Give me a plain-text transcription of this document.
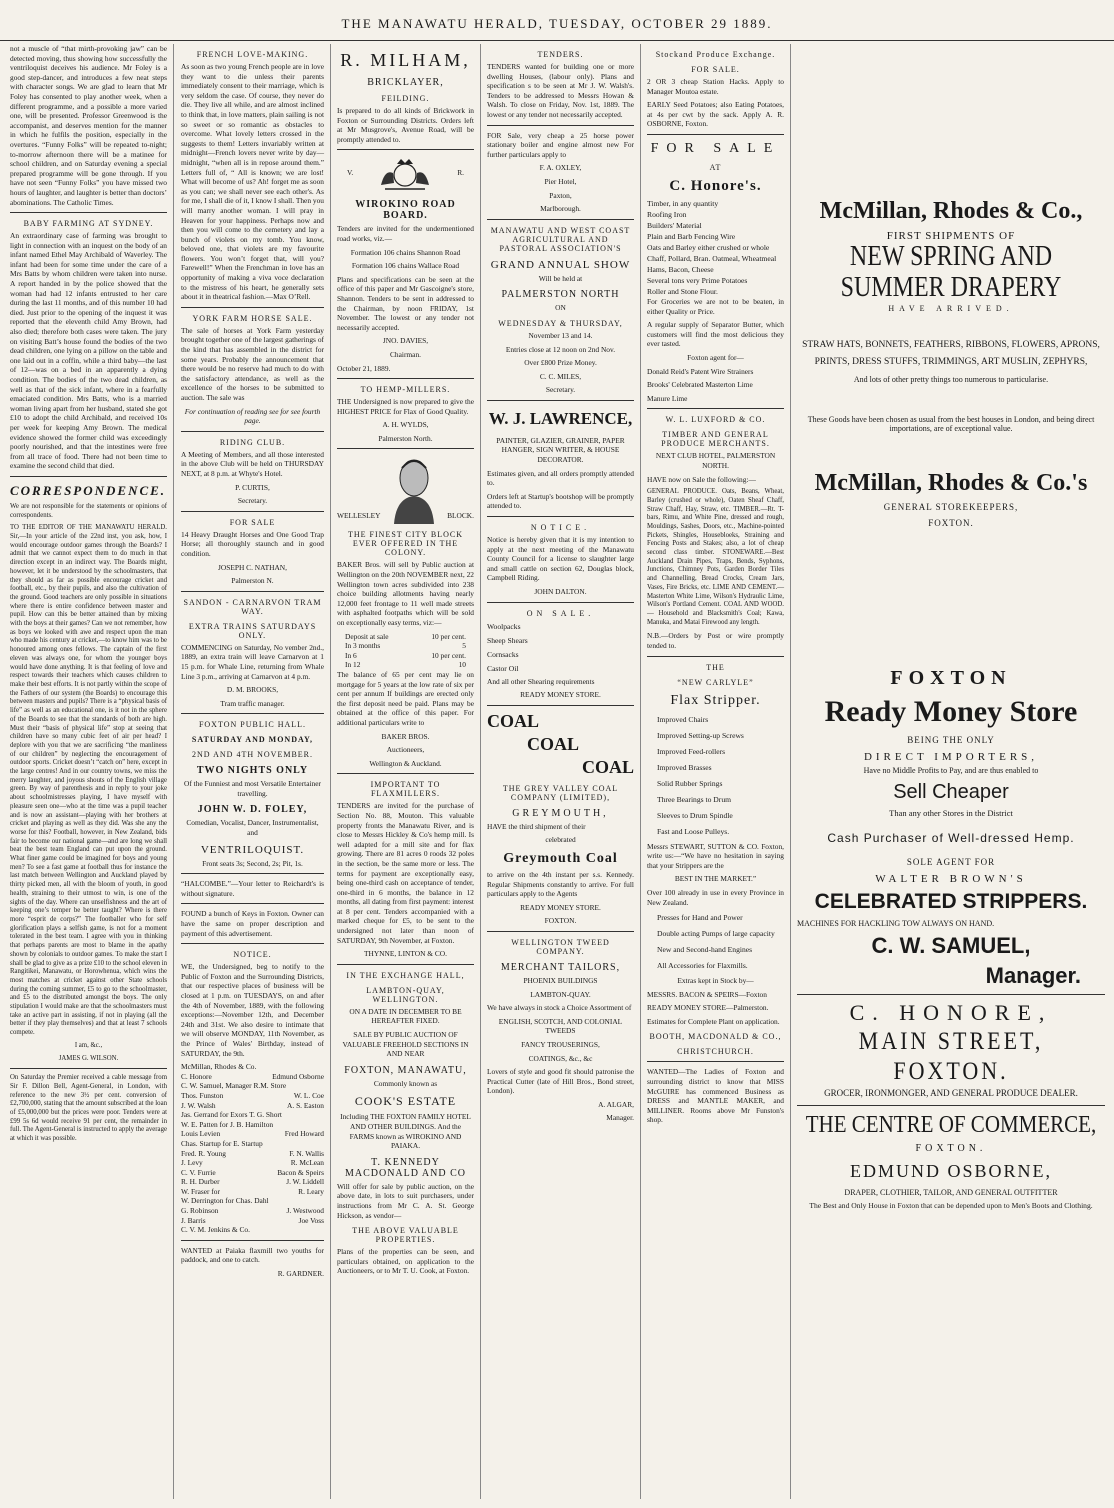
THE MANAWATU HERALD, TUESDAY, OCTOBER 29 1889.

not a muscle of “that mirth-provoking jaw” can be detected moving, thus showing how successfully the ventriloquist deceives his audience. Mr Foley is a good step-dancer, and introduces a few neat steps with character songs. We are glad to learn that Mr Foley has consented to play another week, when a different programme, and a possible a more varied one, will be presented. Professor Greenwood is the accompanist, and deserves mention for the manner in which he fulfils the position, especially in the overtures. “Funny Folks” will be repeated to-night; to-morrow afternoon there will be a matinee for school children, and on Saturday evening a special prepared programme will be gone through. If you have not seen “Funny Folks” you have missed two hours of laughter, and laughter is better than doctors’ abominations. The Catholic Times.

BABY FARMING AT SYDNEY.

An extraordinary case of farming was brought to light in connection with an inquest on the body of an infant named Ethel May Archibald of Waverley. The infant had been for some time under the care of a Mrs Batts by whom children were taken into nurse. A report handed in by the police showed that the woman had had 12 infants entrusted to her care during the last 11 months, and of this number 10 had died. Just prior to the opening of the inquest it was reported that the eleventh child Amy Brown, had also died; therefore both cases were taken. The jury on visiting Batt’s house found the bodies of the two dead children, one lying on a pillow on the table and one laid out in a coffin, while a third baby—the last of 12—was on a bed in an apparently a dying condition. The bodies of the two dead children, as well as that of the sick infant, where in a fearfully emaciated condition. Mrs Batts, who is a married woman living apart from her husband, stated she got £10 to adopt the child Archibald, and received 10s per week for keeping Amy Brown. The medical evidence showed the former child was exceedingly poorly nourished, and that the intestines were free from all trace of food. There had not been time to examine the second child that died.

CORRESPONDENCE.

We are not responsible for the statements or opinions of correspondents.

TO THE EDITOR OF THE MANAWATU HERALD. Sir,—In your article of the 22nd inst, you ask, how, I would encourage outdoor games through the Boards? I admit that we cannot expect them to do much in that direction except in an indirect way. The Boards might, however, let it be understood by the schoolmasters, that they should as far as possible encourage cricket and football, etc., by their pupils, and also the cultivation of the ground. Good teachers are only possible in situations where there is entire confidence between master and pupil. How can this be better attained than by mixing with the boys at their games? Can we not remember, how as boys we looked with awe and respect upon the man who made his century at cricket,—to know him was to be honoured among ones fellows. The captain of the first eleven was always one, for whom the younger boys would have done anything. It is that feeling of love and respect towards their teachers which causes children to make their best efforts. It is not partly within the scope of the Fathers of our system (the Boards) to encourage this between masters and pupils? There is a “physical basis of life” as well as an educational one, is it not in the sphere of the Boards to see that the standards of both are high. Must their “basis of physical life” stop at seeing that children have so many cubic feet of air per head? I deplore with you that we are sacrificing “the manliness of our children” by neglecting the encouragement of outdoor sports. Cricket doesn’t “catch on” here, except in the large centres! And in our country towns, we miss the merry laughter, and joyous shouts of the English village green. By way of parenthesis and in reply to your joke about schoolmistresses playing, I have myself with pleasure seen one—who at the time was a pupil teacher and is now an assistant—playing with her brothers at cricket and playing as well as they did. Was she any the worse for this? Football, however, in New Zealand, bids fair to become our national game—and are long we shall beat the best team England can put upon the ground. What finer game could be imagined for boys and young men? To see a fast game at football thus for instance the last match between Wellington and Auckland played by thirty picked men, all with the bloom of youth, in good health, straining to their utmost to win, is one of the sights of the day. Where can unselfishness and the art of keeping one’s temper be better taught? Where is there more “esprit de corps?” The footballer who for self glorification plays a selfish game, is not for a moment tolerated in the best team. I agree with you in thinking that perhaps parents are most to blame in the apathy shown by colonials to outdoor games. To make the start I shall be glad to give as a prize £10 to the school eleven in Rangitikei, Manawatu, or Horowhenua, which wins the most matches at cricket against other State schools during the coming summer, £5 to go to the schoolmaster, and £5 to the distributed amongst the boys. The only stipulation I would make are that the schoolmasters must take an active part in assisting, if not in playing (all the better if they play themselves) and that at least 7 schools compete.

I am, &c.,
JAMES G. WILSON.

On Saturday the Premier received a cable message from Sir F. Dillon Bell, Agent-General, in London, with reference to the new 3½ per cent. conversion of £2,700,000, stating that the amount subscribed at the loan of £5,000,000 but the prices were poor. Tenders were at £99 5s 6d would receive 91 per cent, the remainder in full. The Agent-General is instructed to apply the average at which it was possible.

FRENCH LOVE-MAKING.

As soon as two young French people are in love they want to die unless their parents immediately consent to their marriage, which is very seldom the case. Of course, they never do die. They live all while, and are almost inclined to think that, in love matters, plain sailing is not so sweet or so romantic as obstacles to overcome. What lovely letters crossed in the suggests to them! Letters invariably written at midnight—French lovers never write by day—midnight, “when all is in repose around them.” Letters full of, “ All is known; we are lost! What will become of us? Ah! forget me as soon as you can; we shall never see each other's. As for me, I shall die of it, I know I shall. Then you will marry another woman. I will pray in Heaven for your happiness. Perhaps now and then you will come to the cemetery and lay a bunch of violets on my tomb. You know, beloved one, that violets are my favourite flowers. You won’t forget that, will you? Farewell!” When the Frenchman in love has an opportunity of making a viva voce declaration to the mistress of his heart, he generally sets about it in theatrical fashion.—Max O’Rell.

YORK FARM HORSE SALE.

The sale of horses at York Farm yesterday brought together one of the largest gatherings of the kind that has assembled in the district for some years. Probably the announcement that there would be no reserve had much to do with the satisfactory attendance, as well as the excellence of the horses to be submitted to auction. The sale was

For continuation of reading see for see fourth page.

RIDING CLUB.

A Meeting of Members, and all those interested in the above Club will be held on THURSDAY NEXT, at 8 p.m. at Whyte's Hotel.

P. CURTIS,
Secretary.
FOR SALE

14 Heavy Draught Horses and One Good Trap Horse; all thoroughly staunch and in good condition.

JOSEPH C. NATHAN,
Palmerston N.
SANDON - CARNARVON TRAM WAY.
EXTRA TRAINS SATURDAYS ONLY.

COMMENCING on Saturday, No vember 2nd., 1889, an extra train will leave Carnarvon at 1 15 p.m. for Whale Line, returning from Whale Line 3 p.m., arriving at Carnarvon at 4 p.m.

D. M. BROOKS,
Tram traffic manager.
FOXTON PUBLIC HALL.
SATURDAY AND MONDAY,
2ND AND 4TH NOVEMBER.
TWO NIGHTS ONLY

Of the Funniest and most Versatile Entertainer travelling.

JOHN W. D. FOLEY,

Comedian, Vocalist, Dancer, Instrumentalist, and

VENTRILOQUIST.

Front seats 3s; Second, 2s; Pit, 1s.

“HALCOMBE.”—Your letter to Reichardt's is without signature.

FOUND a bunch of Keys in Foxton. Owner can have the same on proper description and payment of this advertisement.

NOTICE.

WE, the Undersigned, beg to notify to the Public of Foxton and the Surrounding Districts, that our respective places of business will be closed at 1 p.m. on TUESDAYS, on and after the 4th of November, 1889, with the following exceptions:—November 12th, and December 24th and 31st. We also desire to intimate that we will observe MONDAY, 11th November, as the Prince of Wales' Birthday, instead of SATURDAY, the 9th.

McMillan, Rhodes & Co.
C. Honore	Edmund Osborne
C. W. Samuel, Manager R.M. Store
Thos. Funston	W. L. Coe
J. W. Walsh	A. S. Easton
Jas. Gerrand for Exors T. G. Short
W. E. Patten for J. B. Hamilton
Louis Levien	Fred Howard
Chas. Startup for E. Startup
Fred. R. Young	F. N. Wallis
J. Levy	R. McLean
C. V. Furrie	Bacon & Speirs
R. H. Durber	J. W. Liddell
W. Fraser for	R. Leary
W. Derrington for Chas. Dahl
G. Robinson	J. Westwood
J. Barris	Joe Voss
C. V. M. Jenkins & Co.

WANTED at Paiaka flaxmill two youths for paddock, and one to catch.

R. GARDNER.
R. MILHAM,
BRICKLAYER,
FEILDING.

Is prepared to do all kinds of Brickwork in Foxton or Surrounding Districts. Orders left at Mr Musgrove's, Avenue Road, will be promptly attended to.

V.	R.
WIROKINO ROAD BOARD.

Tenders are invited for the undermentioned road works, viz.—

Formation 106 chains Shannon Road

Formation 106 chains Wallace Road

Plans and specifications can be seen at the office of this paper and Mr Gascoigne's store, Shannon. Tenders to be sent in addressed to the Chairman, by noon FRIDAY, 1st November. The lowest or any tender not necessarily accepted.

JNO. DAVIES,
Chairman.
October 21, 1889.
TO HEMP-MILLERS.

THE Undersigned is now prepared to give the HIGHEST PRICE for Flax of Good Quality.

A. H. WYLDS,
Palmerston North.
WELLESLEY	BLOCK.
THE FINEST CITY BLOCK EVER OFFERED IN THE COLONY.

BAKER Bros. will sell by Public auction at Wellington on the 20th NOVEMBER next, 22 Wellington town acres subdivided into 238 choice building allotments having nearly 12,000 feet frontage to 11 well made streets with asphalted footpaths which will be sold on exceptionally easy terms, viz:—

Deposit at sale	10 per cent.
In 3 months	5
In 6	10 per cent.
In 12	10

The balance of 65 per cent may lie on mortgage for 5 years at the low rate of six per cent per annum If buildings are erected only the first deposit need be paid. Plans may be obtained at the office of this paper. For additional particulars write to

BAKER BROS.
Auctioneers,
Wellington & Auckland.
IMPORTANT TO FLAXMILLERS.

TENDERS are invited for the purchase of Section No. 88, Mouton. This valuable property fronts the Manawatu River, and is close to Messrs Hickley & Co's hemp mill. Is well adapted for a mill site and for flax growing. There are 81 acres 0 roods 32 poles in the section, be the same more or less. The terms for payment are exceptionally easy, being one-third cash on acceptance of tender, one-third in 6 months, the balance in 12 months, all dating from first payment: interest at 8 per cent. Tenders accompanied with a marked cheque for £5, to be sent to the undersigned not later than noon of SATURDAY, 9th November, at Foxton.

THYNNE, LINTON & CO.
IN THE EXCHANGE HALL,
LAMBTON-QUAY, WELLINGTON.

ON A DATE IN DECEMBER TO BE HEREAFTER FIXED.

SALE BY PUBLIC AUCTION OF VALUABLE FREEHOLD SECTIONS IN AND NEAR

FOXTON, MANAWATU,

Commonly known as

COOK'S ESTATE

Including THE FOXTON FAMILY HOTEL AND OTHER BUILDINGS. And the FARMS known as WIROKINO AND PAIAKA.

T. KENNEDY MACDONALD AND CO

Will offer for sale by public auction, on the above date, in lots to suit purchasers, under instructions from Mr C. A. St. George Hickson, as vendor—

THE ABOVE VALUABLE PROPERTIES.

Plans of the properties can be seen, and particulars obtained, on application to the Auctioneers, or to Mr T. U. Cook, at Foxton.

TENDERS.

TENDERS wanted for building one or more dwelling Houses, (labour only). Plans and specification s to be seen at Mr J. W. Walsh's. Tenders to be addressed to Messrs Howan & Walsh. To close on Friday, Nov. 1st, 1889. The lowest or any tender not necessarily accepted.

FOR Sale, very cheap a 25 horse power stationary boiler and engine almost new For further particulars apply to

F. A. OXLEY,
Pier Hotel,
Paxton,
Marlborough.
MANAWATU AND WEST COAST AGRICULTURAL AND PASTORAL ASSOCIATION'S
GRAND ANNUAL SHOW

Will be held at

PALMERSTON NORTH

ON

WEDNESDAY & THURSDAY,

November 13 and 14.

Entries close at 12 noon on 2nd Nov.

Over £800 Prize Money.

C. C. MILES,
Secretary.
W. J. LAWRENCE,

PAINTER, GLAZIER, GRAINER, PAPER HANGER, SIGN WRITER, & HOUSE DECORATOR.

Estimates given, and all orders promptly attended to.

Orders left at Startup's bootshop will be promptly attended to.

NOTICE.

Notice is hereby given that it is my intention to apply at the next meeting of the Manawatu County Council for a license to slaughter large and small cattle on section 62, Douglas block, Campbell Riding.

JOHN DALTON.
ON SALE.
Woolpacks
Sheep Shears
Cornsacks
Castor Oil

And all other Shearing requirements

READY MONEY STORE.

COAL
COAL
COAL
THE GREY VALLEY COAL COMPANY (LIMITED),
GREYMOUTH,

HAVE the third shipment of their

celebrated

Greymouth Coal

to arrive on the 4th instant per s.s. Kennedy. Regular Shipments constantly to arrive. For full particulars apply to the Agents

READY MONEY STORE.

FOXTON.

WELLINGTON TWEED COMPANY.
MERCHANT TAILORS,

PHOENIX BUILDINGS

LAMBTON-QUAY.

We have always in stock a Choice Assortment of

ENGLISH, SCOTCH, AND COLONIAL TWEEDS

FANCY TROUSERINGS,

COATINGS, &c., &c

Lovers of style and good fit should patronise the Practical Cutter (late of Hill Bros., Bond street, London).

A. ALGAR,
Manager.
Stockand Produce Exchange.
FOR SALE.

2 OR 3 cheap Station Hacks. Apply to Manager Moutoa estate.

EARLY Seed Potatoes; also Eating Potatoes, at 4s per cwt by the sack. Apply A. R. OSBORNE, Foxton.

FOR SALE
AT
C. Honore's.
Timber, in any quantity
Roofing Iron
Builders' Material
Plain and Barb Fencing Wire
Oats and Barley either crushed or whole
Chaff, Pollard, Bran. Oatmeal, Wheatmeal
Hams, Bacon, Cheese
Several tons very Prime Potatoes
Roller and Stone Flour.

For Groceries we are not to be beaten, in either Quality or Price.

A regular supply of Separator Butter, which customers will find the most delicious they ever tasted.

Foxton agent for—

Donald Reid's Patent Wire Strainers

Brooks' Celebrated Masterton Lime

Manure Lime

W. L. LUXFORD & CO.
TIMBER AND GENERAL PRODUCE MERCHANTS.

NEXT CLUB HOTEL, PALMERSTON NORTH.

HAVE now on Sale the following:—

GENERAL PRODUCE. Oats, Beans, Wheat, Barley (crushed or whole), Oaten Sheaf Chaff, Straw Chaff, Hay, Straw, etc. TIMBER.—Rt. T-bars, Rimu, and White Pine, dressed and rough, Mouldings, Sashes, Doors, etc., Machine-pointed Pickets, Shingles, Housebloeks, Straining and Fencing Posts and Stakes; also, a lot of cheap second class timber. STONEWARE.—Best Auckland Drain Pipes, Traps, Bends, Syphons, Junctions, Chimney Pots, Garden Border Tiles and Channelling, Bread Crocks, Cream Jars, Vases, Fire Bricks, etc. LIME AND CEMENT.—Masterton White Lime, Wilson's Hydraulic Lime, Wilson's Portland Cement. COAL AND WOOD.— Household and Blacksmith's Coal; Kawa, Manuka, and Matai Firewood any length.

N.B.—Orders by Post or wire promptly tended to.

THE
“NEW CARLYLE”
Flax Stripper.
Improved Chairs
Improved Setting-up Screws
Improved Feed-rollers
Improved Brasses
Solid Rubber Springs
Three Bearings to Drum
Sleeves to Drum Spindle
Fast and Loose Pulleys.

Messrs STEWART, SUTTON & CO. Foxton, write us:—“We have no hesitation in saying that your Strippers are the

BEST IN THE MARKET.”

Over 100 already in use in every Province in New Zealand.

Presses for Hand and Power
Double acting Pumps of large capacity
New and Second-hand Engines
All Accessories for Flaxmills.

Extras kept in Stock by—

MESSRS. BACON & SPEIRS—Foxton

READY MONEY STORE—Palmerston.

Estimates for Complete Plant on application.

BOOTH, MACDONALD & CO.,
CHRISTCHURCH.

WANTED—The Ladies of Foxton and surrounding district to know that MISS McGUIRE has commenced Business as DRESS and MANTLE MAKER, and MILLINER. Rooms above Mr Funston's shop.

McMillan, Rhodes & Co.,
FIRST SHIPMENTS OF
NEW SPRING AND SUMMER DRAPERY
HAVE ARRIVED.

STRAW HATS, BONNETS, FEATHERS, RIBBONS, FLOWERS, APRONS, PRINTS, DRESS STUFFS, TRIMMINGS, ART MUSLIN, ZEPHYRS,

And lots of other pretty things too numerous to particularise.

These Goods have been chosen as usual from the best houses in London, and being direct importations, are of exceptional value.

McMillan, Rhodes & Co.'s
GENERAL STOREKEEPERS,
FOXTON.
FOXTON
Ready Money Store
BEING THE ONLY
DIRECT IMPORTERS,

Have no Middle Profits to Pay, and are thus enabled to

Sell Cheaper

Than any other Stores in the District

Cash Purchaser of Well-dressed Hemp.
SOLE AGENT FOR
WALTER BROWN'S
CELEBRATED STRIPPERS.

MACHINES FOR HACKLING TOW ALWAYS ON HAND.

C. W. SAMUEL,
Manager.
C. HONORE,
MAIN STREET, FOXTON.

GROCER, IRONMONGER, AND GENERAL PRODUCE DEALER.

THE CENTRE OF COMMERCE,
FOXTON.
EDMUND OSBORNE,

DRAPER, CLOTHIER, TAILOR, AND GENERAL OUTFITTER

The Best and Only House in Foxton that can be depended upon to Men's Boots and Clothing.
